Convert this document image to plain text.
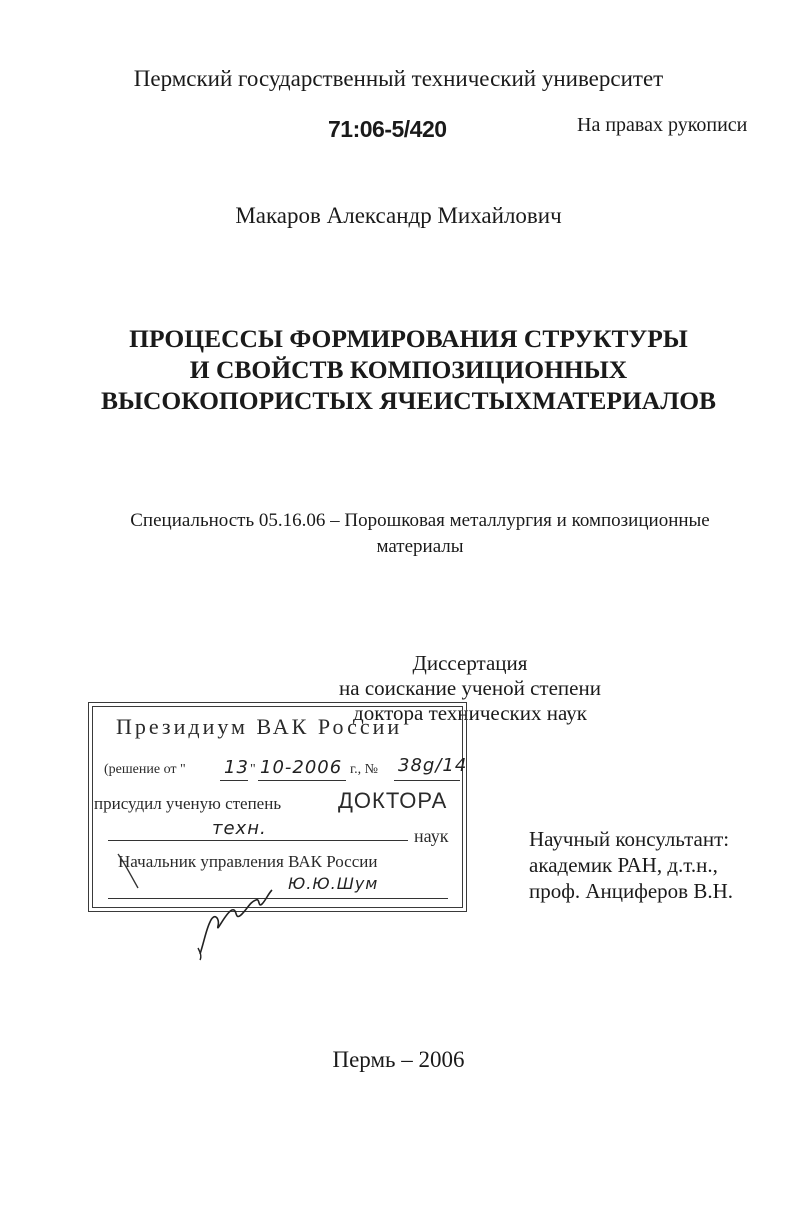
Пермский государственный технический университет
71:06-5/420	На правах рукописи
Макаров Александр Михайлович
ПРОЦЕССЫ ФОРМИРОВАНИЯ СТРУКТУРЫ
И СВОЙСТВ КОМПОЗИЦИОННЫХ
ВЫСОКОПОРИСТЫХ ЯЧЕИСТЫХМАТЕРИАЛОВ
Специальность 05.16.06 – Порошковая металлургия и композиционные
материалы
Диссертация
на соискание ученой степени
доктора технических наук
Президиум ВАК России
(решение от " 13 " 10-2006 г., № 38g/14
присудил ученую степень	ДОКТОРА
техн.	наук
Начальник управления ВАК России
Ю.Ю.Шум
Научный консультант:
академик РАН, д.т.н.,
проф. Анциферов В.Н.
Пермь – 2006
